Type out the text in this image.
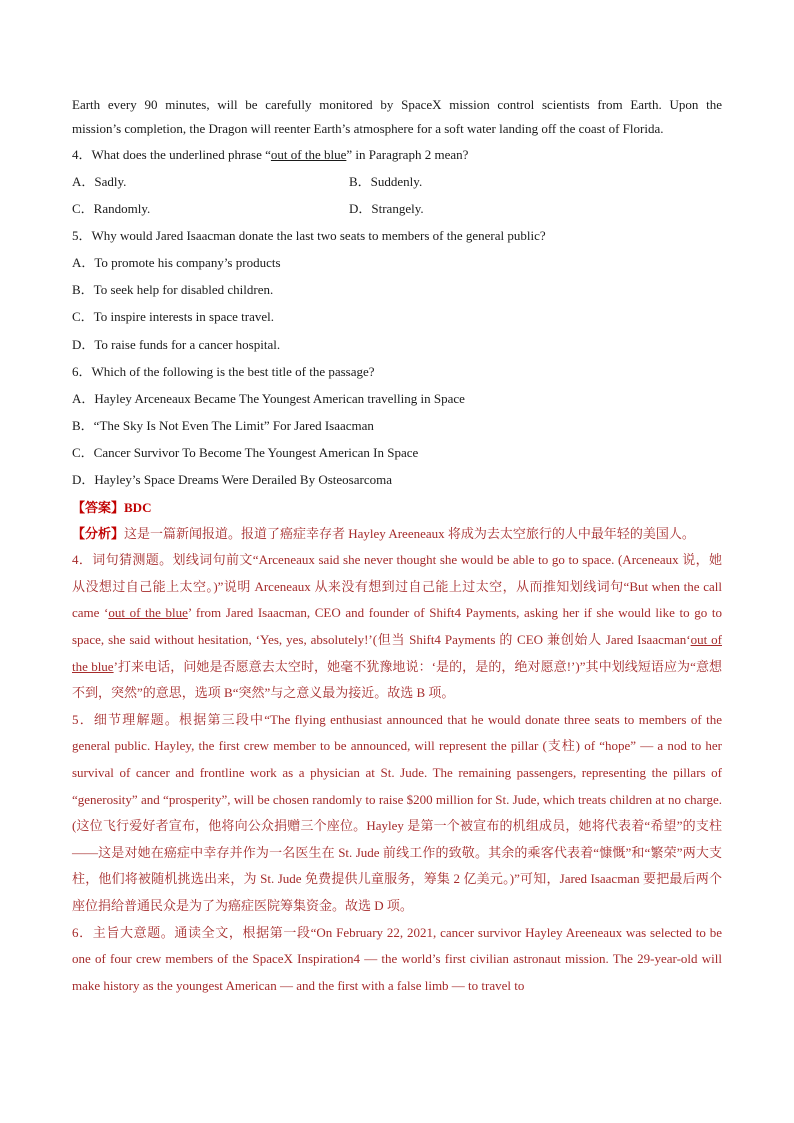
Earth every 90 minutes, will be carefully monitored by SpaceX mission control scientists from Earth. Upon the

mission’s completion, the Dragon will reenter Earth’s atmosphere for a soft water landing off the coast of Florida.

4．What does the underlined phrase “out of the blue” in Paragraph 2 mean?

A．Sadly.	B．Suddenly.
C．Randomly.	D．Strangely.

5．Why would Jared Isaacman donate the last two seats to members of the general public?

A．To promote his company’s products
B．To seek help for disabled children.
C．To inspire interests in space travel.
D．To raise funds for a cancer hospital.

6．Which of the following is the best title of the passage?

A．Hayley Arceneaux Became The Youngest American travelling in Space
B．“The Sky Is Not Even The Limit” For Jared Isaacman
C．Cancer Survivor To Become The Youngest American In Space
D．Hayley’s Space Dreams Were Derailed By Osteosarcoma
【答案】BDC

【分析】这是一篇新闻报道。报道了癌症幸存者 Hayley Areeneaux 将成为去太空旅行的人中最年轻的美国人。

4．词句猜测题。划线词句前文“Arceneaux said she never thought she would be able to go to space. (Arceneaux 说，她从没想过自己能上太空。)”说明 Arceneaux 从来没有想到过自己能上过太空，从而推知划线词句“But when the call came ‘out of the blue’ from Jared Isaacman, CEO and founder of Shift4 Payments, asking her if she would like to go to space, she said without hesitation, ‘Yes, yes, absolutely!’(但当 Shift4 Payments 的 CEO 兼创始人 Jared Isaacman‘out of the blue’打来电话，问她是否愿意去太空时，她毫不犹豫地说：‘是的，是的，绝对愿意!’)”其中划线短语应为“意想不到，突然”的意思，选项 B“突然”与之意义最为接近。故选 B 项。

5．细节理解题。根据第三段中“The flying enthusiast announced that he would donate three seats to members of the general public. Hayley, the first crew member to be announced, will represent the pillar (支柱) of “hope” — a nod to her survival of cancer and frontline work as a physician at St. Jude. The remaining passengers, representing the pillars of “generosity” and “prosperity”, will be chosen randomly to raise $200 million for St. Jude, which treats children at no charge. (这位飞行爱好者宣布，他将向公众捐赠三个座位。Hayley 是第一个被宣布的机组成员，她将代表着“希望”的支柱——这是对她在癌症中幸存并作为一名医生在 St. Jude 前线工作的致敬。其余的乘客代表着“慷慨”和“繁荣”两大支柱，他们将被随机挑选出来，为 St. Jude 免费提供儿童服务，筹集 2 亿美元。)”可知，Jared Isaacman 要把最后两个座位捐给普通民众是为了为癌症医院筹集资金。故选 D 项。

6．主旨大意题。通读全文，根据第一段“On February 22, 2021, cancer survivor Hayley Areeneaux was selected to be one of four crew members of the SpaceX Inspiration4 — the world’s first civilian astronaut mission. The 29-year-old will make history as the youngest American — and the first with a false limb — to travel to
